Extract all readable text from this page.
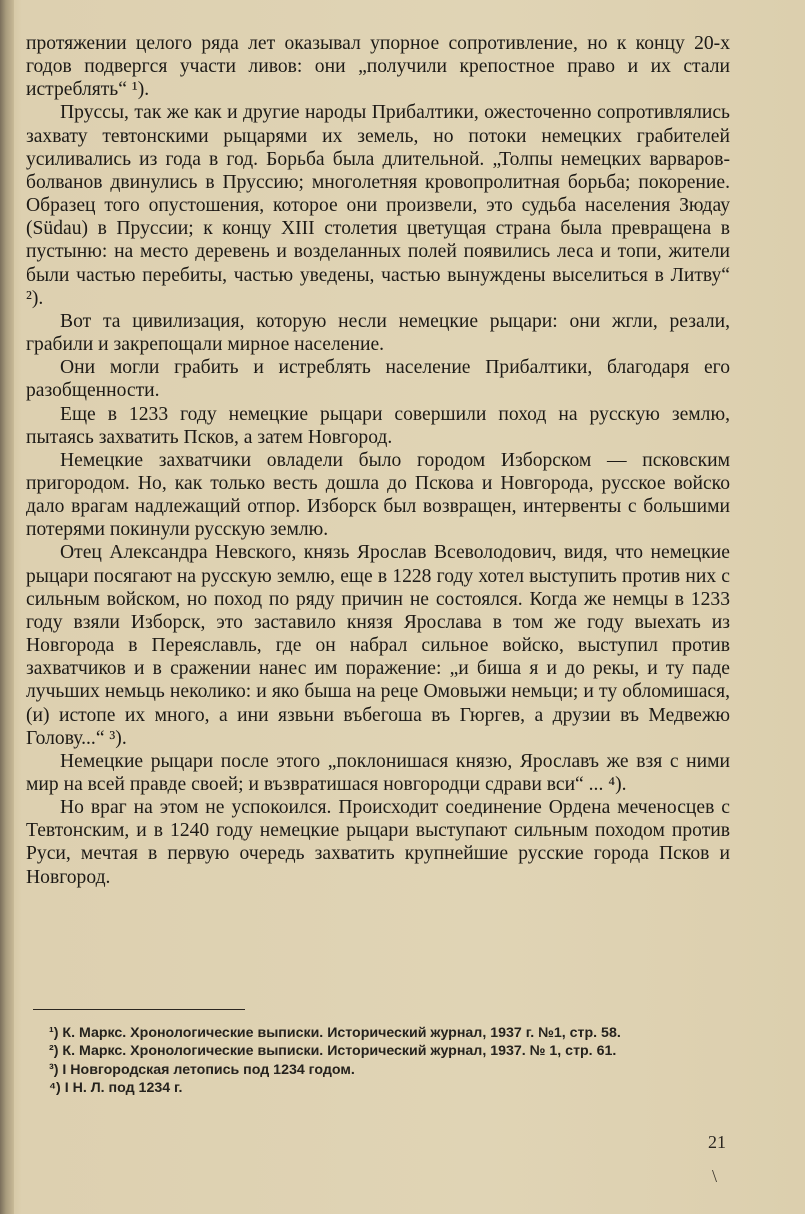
протяжении целого ряда лет оказывал упорное сопротивление, но к концу 20-х годов подвергся участи ливов: они „получили крепостное право и их стали истреблять“ ¹).

Пруссы, так же как и другие народы Прибалтики, ожесточенно сопротивлялись захвату тевтонскими рыцарями их земель, но потоки немецких грабителей усиливались из года в год. Борьба была длительной. „Толпы немецких варваров-болванов двинулись в Пруссию; многолетняя кровопролитная борьба; покорение. Образец того опустошения, которое они произвели, это судьба населения Зюдау (Südau) в Пруссии; к концу XIII столетия цветущая страна была превращена в пустыню: на место деревень и возделанных полей появились леса и топи, жители были частью перебиты, частью уведены, частью вынуждены выселиться в Литву“ ²).

Вот та цивилизация, которую несли немецкие рыцари: они жгли, резали, грабили и закрепощали мирное население.

Они могли грабить и истреблять население Прибалтики, благодаря его разобщенности.

Еще в 1233 году немецкие рыцари совершили поход на русскую землю, пытаясь захватить Псков, а затем Новгород.

Немецкие захватчики овладели было городом Изборском — псковским пригородом. Но, как только весть дошла до Пскова и Новгорода, русское войско дало врагам надлежащий отпор. Изборск был возвращен, интервенты с большими потерями покинули русскую землю.

Отец Александра Невского, князь Ярослав Всеволодович, видя, что немецкие рыцари посягают на русскую землю, еще в 1228 году хотел выступить против них с сильным войском, но поход по ряду причин не состоялся. Когда же немцы в 1233 году взяли Изборск, это заставило князя Ярослава в том же году выехать из Новгорода в Переяславль, где он набрал сильное войско, выступил против захватчиков и в сражении нанес им поражение: „и биша я и до рекы, и ту паде лучьших немьць неколико: и яко быша на реце Омовыжи немьци; и ту обломишася, (и) истопе их много, а ини язвьни въбегоша въ Гюргев, а друзии въ Медвежю Голову...“ ³).

Немецкие рыцари после этого „поклонишася князю, Ярославъ же взя с ними мир на всей правде своей; и възвратишася новгородци сдрави вси“ ... ⁴).

Но враг на этом не успокоился. Происходит соединение Ордена меченосцев с Тевтонским, и в 1240 году немецкие рыцари выступают сильным походом против Руси, мечтая в первую очередь захватить крупнейшие русские города Псков и Новгород.

¹) К. Маркс. Хронологические выписки. Исторический журнал, 1937 г. №1, стр. 58.

²) К. Маркс. Хронологические выписки. Исторический журнал, 1937. № 1, стр. 61.

³) I Новгородская летопись под 1234 годом.

⁴) I Н. Л. под 1234 г.

21
\
